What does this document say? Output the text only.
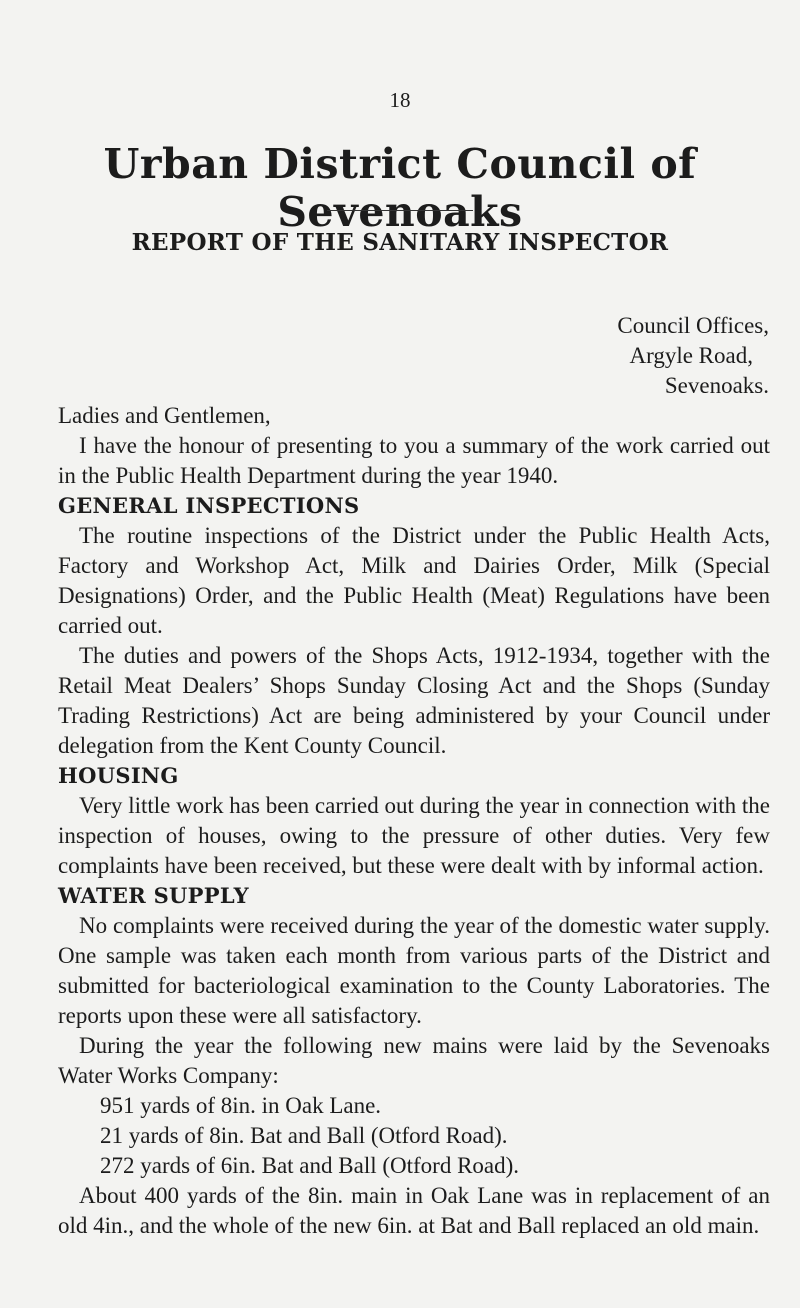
18
Urban District Council of Sevenoaks
REPORT OF THE SANITARY INSPECTOR
Council Offices,
Argyle Road,
Sevenoaks.

Ladies and Gentlemen,

I have the honour of presenting to you a summary of the work carried out in the Public Health Department during the year 1940.

GENERAL INSPECTIONS

The routine inspections of the District under the Public Health Acts, Factory and Workshop Act, Milk and Dairies Order, Milk (Special Designations) Order, and the Public Health (Meat) Regulations have been carried out.

The duties and powers of the Shops Acts, 1912-1934, together with the Retail Meat Dealers’ Shops Sunday Closing Act and the Shops (Sunday Trading Restrictions) Act are being administered by your Council under delegation from the Kent County Council.

HOUSING

Very little work has been carried out during the year in connection with the inspection of houses, owing to the pressure of other duties. Very few complaints have been received, but these were dealt with by informal action.

WATER SUPPLY

No complaints were received during the year of the domestic water supply. One sample was taken each month from various parts of the District and submitted for bacteriological examination to the County Laboratories. The reports upon these were all satisfactory.

During the year the following new mains were laid by the Sevenoaks Water Works Company:

951 yards of 8in. in Oak Lane.
21 yards of 8in. Bat and Ball (Otford Road).
272 yards of 6in. Bat and Ball (Otford Road).

About 400 yards of the 8in. main in Oak Lane was in replacement of an old 4in., and the whole of the new 6in. at Bat and Ball replaced an old main.
